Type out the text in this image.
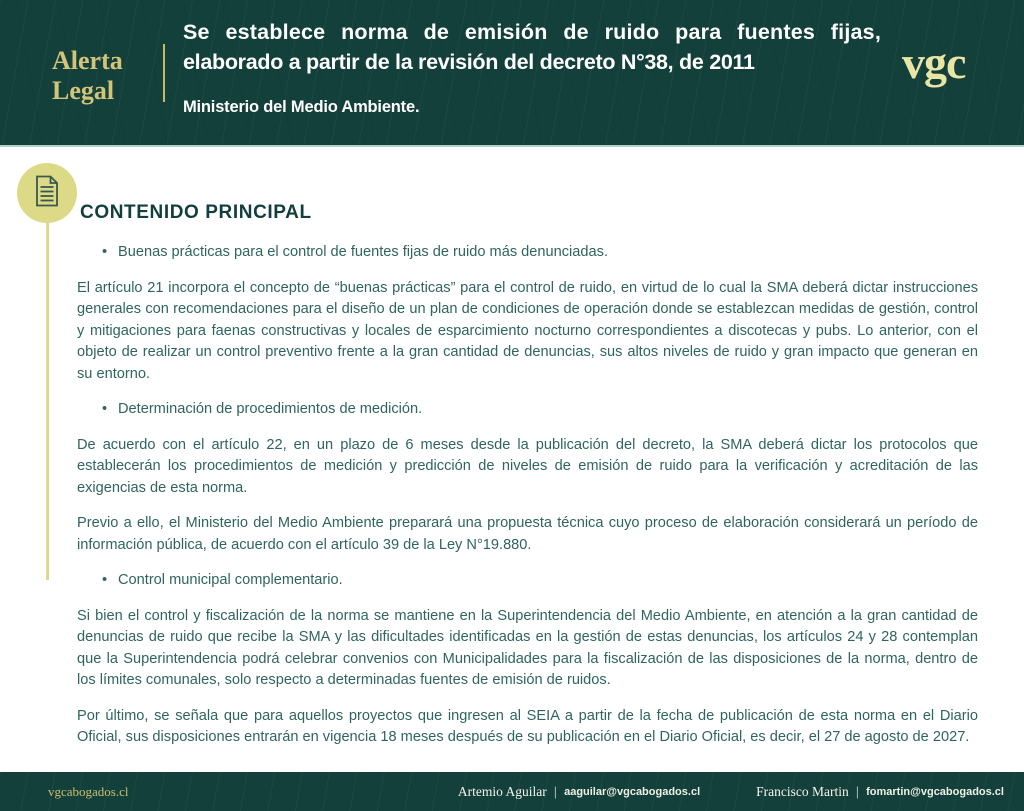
Alerta
Legal
Se establece norma de emisión de ruido para fuentes fijas,
elaborado a partir de la revisión del decreto N°38, de 2011
Ministerio del Medio Ambiente.
vgc
CONTENIDO PRINCIPAL
• Buenas prácticas para el control de fuentes fijas de ruido más denunciadas.
El artículo 21 incorpora el concepto de “buenas prácticas” para el control de ruido, en virtud de lo cual la SMA deberá dictar instrucciones generales con recomendaciones para el diseño de un plan de condiciones de operación donde se establezcan medidas de gestión, control y mitigaciones para faenas constructivas y locales de esparcimiento nocturno correspondientes a discotecas y pubs. Lo anterior, con el objeto de realizar un control preventivo frente a la gran cantidad de denuncias, sus altos niveles de ruido y gran impacto que generan en su entorno.
• Determinación de procedimientos de medición.
De acuerdo con el artículo 22, en un plazo de 6 meses desde la publicación del decreto, la SMA deberá dictar los protocolos que establecerán los procedimientos de medición y predicción de niveles de emisión de ruido para la verificación y acreditación de las exigencias de esta norma.
Previo a ello, el Ministerio del Medio Ambiente preparará una propuesta técnica cuyo proceso de elaboración considerará un período de información pública, de acuerdo con el artículo 39 de la Ley N°19.880.
• Control municipal complementario.
Si bien el control y fiscalización de la norma se mantiene en la Superintendencia del Medio Ambiente, en atención a la gran cantidad de denuncias de ruido que recibe la SMA y las dificultades identificadas en la gestión de estas denuncias, los artículos 24 y 28 contemplan que la Superintendencia podrá celebrar convenios con Municipalidades para la fiscalización de las disposiciones de la norma, dentro de los límites comunales, solo respecto a determinadas fuentes de emisión de ruidos.
Por último, se señala que para aquellos proyectos que ingresen al SEIA a partir de la fecha de publicación de esta norma en el Diario Oficial, sus disposiciones entrarán en vigencia 18 meses después de su publicación en el Diario Oficial, es decir, el 27 de agosto de 2027.
vgcabogados.cl	Artemio Aguilar | aaguilar@vgcabogados.cl	Francisco Martin | fomartin@vgcabogados.cl
